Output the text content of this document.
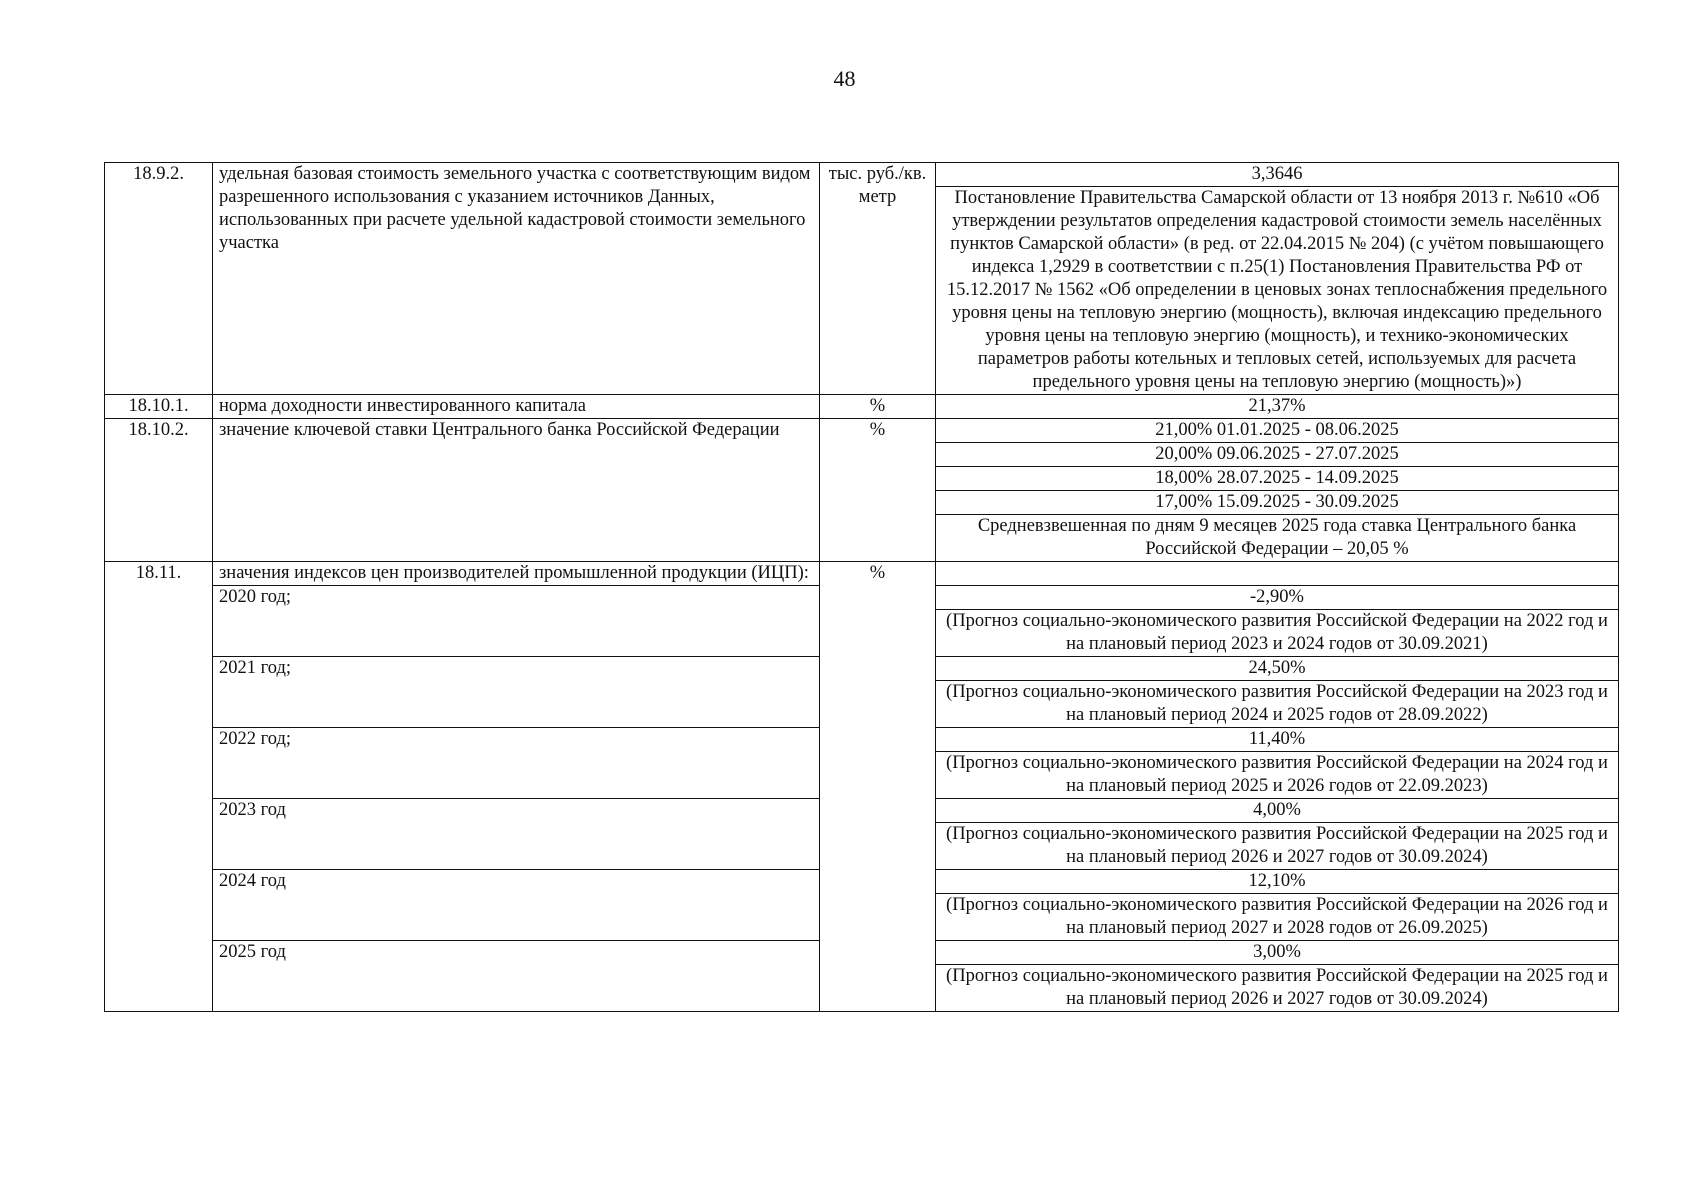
48
18.9.2.	удельная базовая стоимость земельного участка с соответствующим видом разрешенного использования с указанием источников Данных, использованных при расчете удельной кадастровой стоимости земельного участка	тыс. руб./кв. метр	3,3646
			Постановление Правительства Самарской области от 13 ноября 2013 г. №610 «Об утверждении результатов определения кадастровой стоимости земель населённых пунктов Самарской области» (в ред. от 22.04.2015 № 204) (с учётом повышающего индекса 1,2929 в соответствии с п.25(1) Постановления Правительства РФ от 15.12.2017 № 1562 «Об определении в ценовых зонах теплоснабжения предельного уровня цены на тепловую энергию (мощность), включая индексацию предельного уровня цены на тепловую энергию (мощность), и технико-экономических параметров работы котельных и тепловых сетей, используемых для расчета предельного уровня цены на тепловую энергию (мощность)»)
18.10.1.	норма доходности инвестированного капитала	%	21,37%
18.10.2.	значение ключевой ставки Центрального банка Российской Федерации	%	21,00% 01.01.2025 - 08.06.2025
			20,00% 09.06.2025 - 27.07.2025
			18,00% 28.07.2025 - 14.09.2025
			17,00% 15.09.2025 - 30.09.2025
			Средневзвешенная по дням 9 месяцев 2025 года ставка Центрального банка Российской Федерации – 20,05 %
18.11.	значения индексов цен производителей промышленной продукции (ИЦП):	%	
	2020 год;		-2,90%
			(Прогноз социально-экономического развития Российской Федерации на 2022 год и на плановый период 2023 и 2024 годов от 30.09.2021)
	2021 год;		24,50%
			(Прогноз социально-экономического развития Российской Федерации на 2023 год и на плановый период 2024 и 2025 годов от 28.09.2022)
	2022 год;		11,40%
			(Прогноз социально-экономического развития Российской Федерации на 2024 год и на плановый период 2025 и 2026 годов от 22.09.2023)
	2023 год		4,00%
			(Прогноз социально-экономического развития Российской Федерации на 2025 год и на плановый период 2026 и 2027 годов от 30.09.2024)
	2024 год		12,10%
			(Прогноз социально-экономического развития Российской Федерации на 2026 год и на плановый период 2027 и 2028 годов от 26.09.2025)
	2025 год		3,00%
			(Прогноз социально-экономического развития Российской Федерации на 2025 год и на плановый период 2026 и 2027 годов от 30.09.2024)
